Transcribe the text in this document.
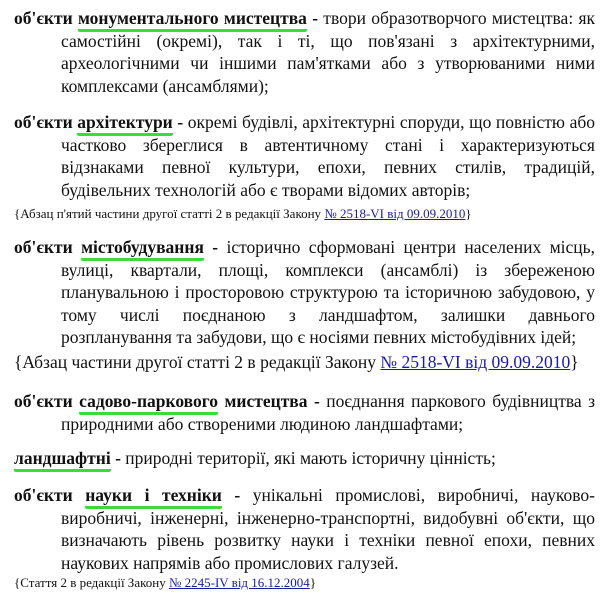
об'єкти монументального мистецтва - твори образотворчого мистецтва: як самостійні (окремі), так і ті, що пов'язані з архітектурними, археологічними чи іншими пам'ятками або з утворюваними ними комплексами (ансамблями);

об'єкти архітектури - окремі будівлі, архітектурні споруди, що повністю або частково збереглися в автентичному стані і характеризуються відзнаками певної культури, епохи, певних стилів, традицій, будівельних технологій або є творами відомих авторів;

{Абзац п'ятий частини другої статті 2 в редакції Закону № 2518-VI від 09.09.2010}

об'єкти містобудування - історично сформовані центри населених місць, вулиці, квартали, площі, комплекси (ансамблі) із збереженою планувальною і просторовою структурою та історичною забудовою, у тому числі поєднаною з ландшафтом, залишки давнього розпланування та забудови, що є носіями певних містобудівних ідей;

{Абзац частини другої статті 2 в редакції Закону № 2518-VI від 09.09.2010}

об'єкти садово-паркового мистецтва - поєднання паркового будівництва з природними або створеними людиною ландшафтами;

ландшафтні - природні території, які мають історичну цінність;

об'єкти науки і техніки - унікальні промислові, виробничі, науково-виробничі, інженерні, інженерно-транспортні, видобувні об'єкти, що визначають рівень розвитку науки і техніки певної епохи, певних наукових напрямів або промислових галузей.

{Стаття 2 в редакції Закону № 2245-IV від 16.12.2004}
